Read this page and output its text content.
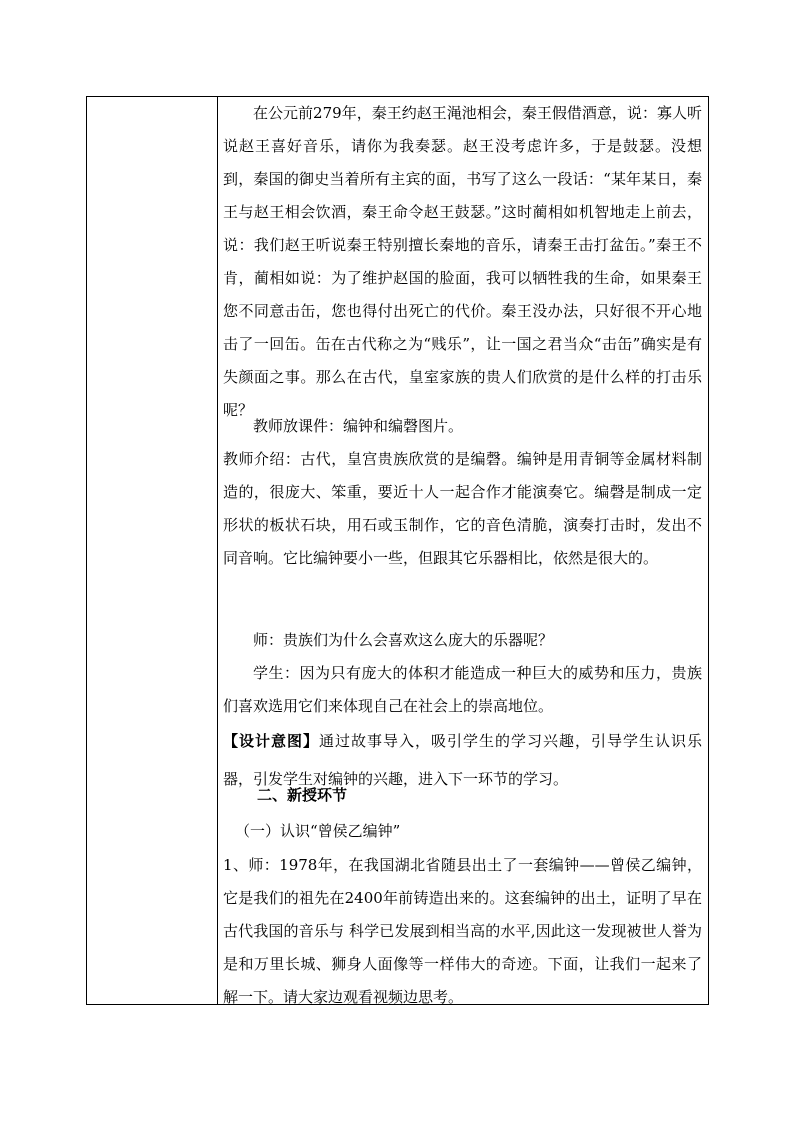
在公元前279年，秦王约赵王渑池相会，秦王假借酒意，说：寡人听说赵王喜好音乐，请你为我奏瑟。赵王没考虑许多，于是鼓瑟。没想到，秦国的御史当着所有主宾的面，书写了这么一段话：“某年某日，秦王与赵王相会饮酒，秦王命令赵王鼓瑟。”这时蔺相如机智地走上前去，说：我们赵王听说秦王特别擅长秦地的音乐，请秦王击打盆缶。”秦王不肯，蔺相如说：为了维护赵国的脸面，我可以牺牲我的生命，如果秦王您不同意击缶，您也得付出死亡的代价。秦王没办法，只好很不开心地击了一回缶。缶在古代称之为“贱乐”，让一国之君当众“击缶”确实是有失颜面之事。那么在古代，皇室家族的贵人们欣赏的是什么样的打击乐呢？
教师放课件：编钟和编磬图片。
教师介绍：古代，皇宫贵族欣赏的是编磬。编钟是用青铜等金属材料制造的，很庞大、笨重，要近十人一起合作才能演奏它。编磬是制成一定形状的板状石块，用石或玉制作，它的音色清脆，演奏打击时，发出不同音响。它比编钟要小一些，但跟其它乐器相比，依然是很大的。
师：贵族们为什么会喜欢这么庞大的乐器呢？
学生：因为只有庞大的体积才能造成一种巨大的威势和压力，贵族们喜欢选用它们来体现自己在社会上的崇高地位。
【设计意图】通过故事导入，吸引学生的学习兴趣，引导学生认识乐器，引发学生对编钟的兴趣，进入下一环节的学习。
二、新授环节
（一）认识“曾侯乙编钟”
1、师：1978年，在我国湖北省随县出土了一套编钟——曾侯乙编钟，它是我们的祖先在2400年前铸造出来的。这套编钟的出土，证明了早在古代我国的音乐与 科学已发展到相当高的水平,因此这一发现被世人誉为是和万里长城、狮身人面像等一样伟大的奇迹。下面，让我们一起来了解一下。请大家边观看视频边思考。
